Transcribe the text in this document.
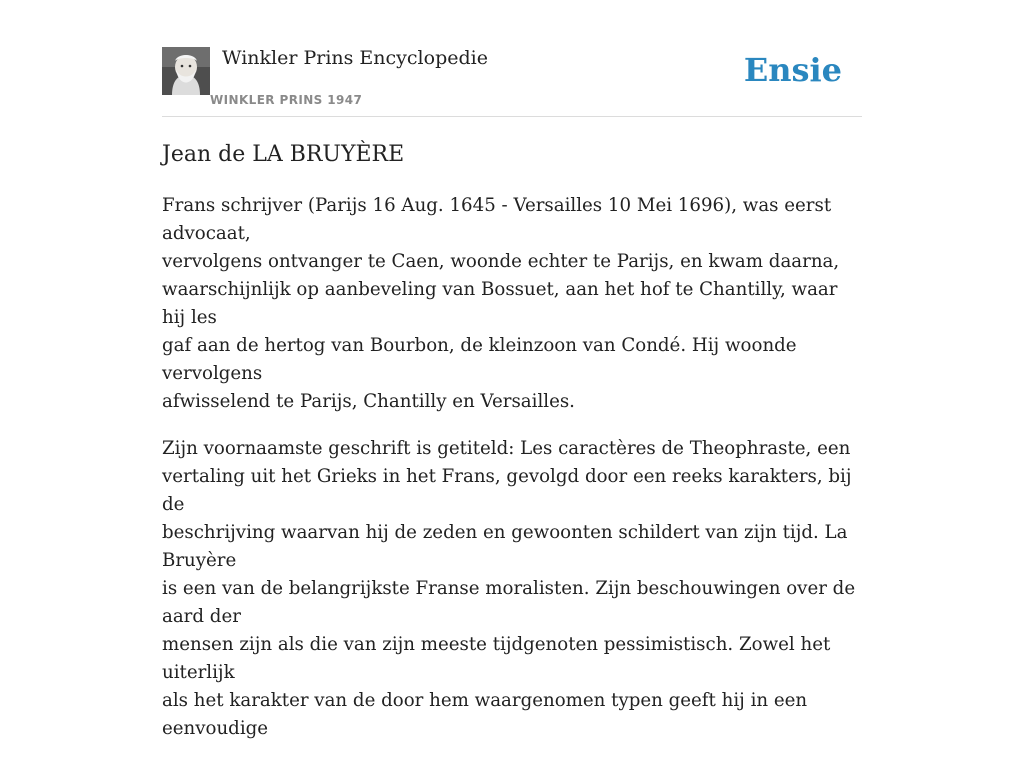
Winkler Prins Encyclopedie
WINKLER PRINS 1947
Ensie
Jean de LA BRUYÈRE

Frans schrijver (Parijs 16 Aug. 1645 - Versailles 10 Mei 1696), was eerst advocaat,
vervolgens ontvanger te Caen, woonde echter te Parijs, en kwam daarna,
waarschijnlijk op aanbeveling van Bossuet, aan het hof te Chantilly, waar hij les
gaf aan de hertog van Bourbon, de kleinzoon van Condé. Hij woonde vervolgens
afwisselend te Parijs, Chantilly en Versailles.

Zijn voornaamste geschrift is getiteld: Les caractères de Theophraste, een
vertaling uit het Grieks in het Frans, gevolgd door een reeks karakters, bij de
beschrijving waarvan hij de zeden en gewoonten schildert van zijn tijd. La Bruyère
is een van de belangrijkste Franse moralisten. Zijn beschouwingen over de aard der
mensen zijn als die van zijn meeste tijdgenoten pessimistisch. Zowel het uiterlijk
als het karakter van de door hem waargenomen typen geeft hij in een eenvoudige
